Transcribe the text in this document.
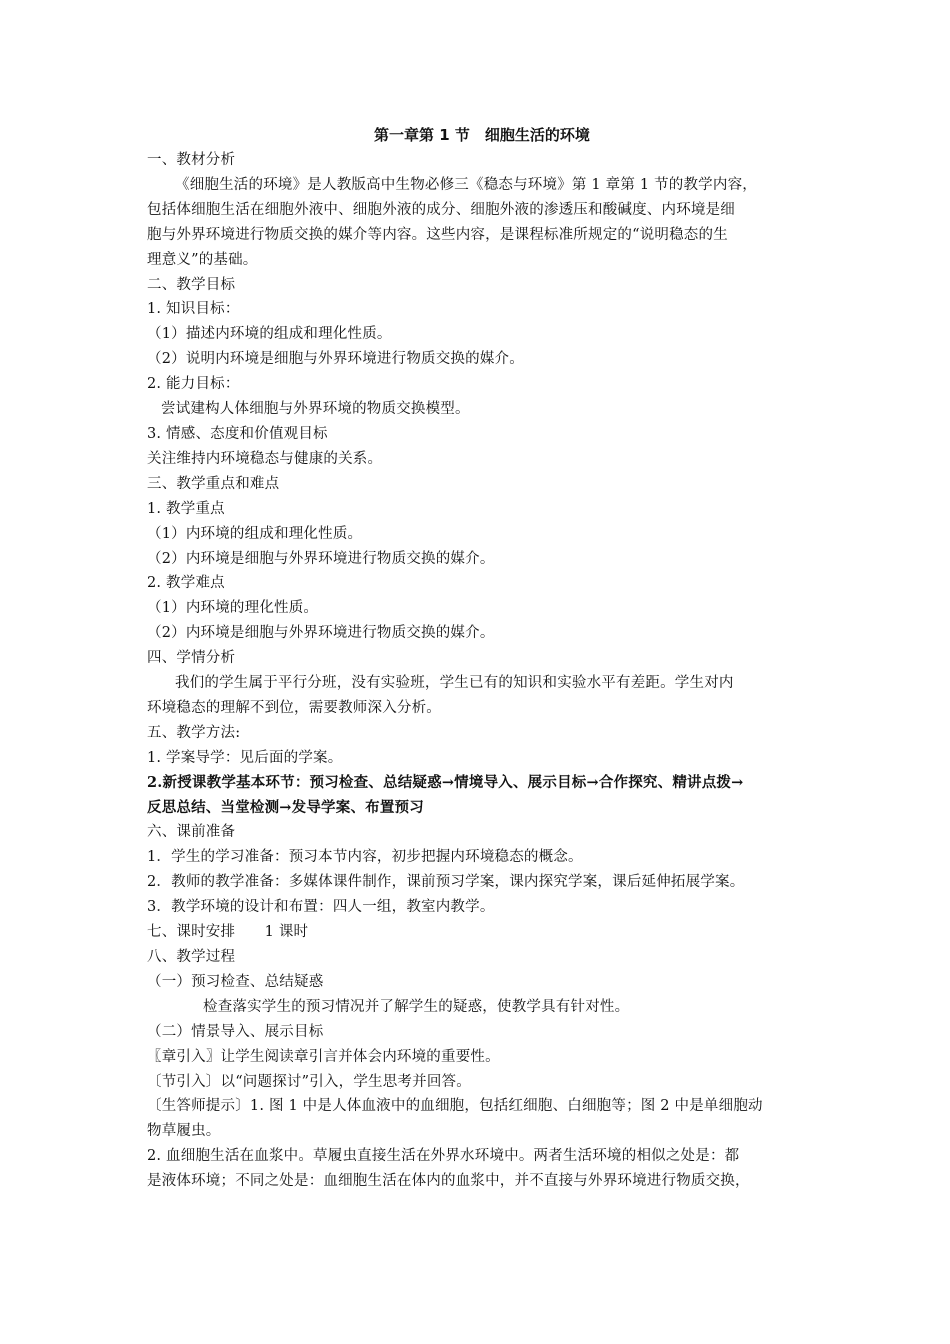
第一章第 1 节　细胞生活的环境
一、教材分析
《细胞生活的环境》是人教版高中生物必修三《稳态与环境》第 1 章第 1 节的教学内容，
包括体细胞生活在细胞外液中、细胞外液的成分、细胞外液的渗透压和酸碱度、内环境是细
胞与外界环境进行物质交换的媒介等内容。这些内容，是课程标准所规定的“说明稳态的生
理意义”的基础。
二、教学目标
1. 知识目标：
（1）描述内环境的组成和理化性质。
（2）说明内环境是细胞与外界环境进行物质交换的媒介。
2. 能力目标：
尝试建构人体细胞与外界环境的物质交换模型。
3. 情感、态度和价值观目标
关注维持内环境稳态与健康的关系。
三、教学重点和难点
1. 教学重点
（1）内环境的组成和理化性质。
（2）内环境是细胞与外界环境进行物质交换的媒介。
2. 教学难点
（1）内环境的理化性质。
（2）内环境是细胞与外界环境进行物质交换的媒介。
四、学情分析
我们的学生属于平行分班，没有实验班，学生已有的知识和实验水平有差距。学生对内
环境稳态的理解不到位，需要教师深入分析。
五、教学方法:
1. 学案导学：见后面的学案。
2.新授课教学基本环节：预习检查、总结疑惑→情境导入、展示目标→合作探究、精讲点拨→
反思总结、当堂检测→发导学案、布置预习
六、课前准备
1．学生的学习准备：预习本节内容，初步把握内环境稳态的概念。
2．教师的教学准备：多媒体课件制作，课前预习学案，课内探究学案，课后延伸拓展学案。
3．教学环境的设计和布置：四人一组，教室内教学。
七、课时安排　　1 课时
八、教学过程
（一）预习检查、总结疑惑
检查落实学生的预习情况并了解学生的疑惑，使教学具有针对性。
（二）情景导入、展示目标
〖章引入〗让学生阅读章引言并体会内环境的重要性。
〔节引入〕以“问题探讨”引入，学生思考并回答。
〔生答师提示〕1. 图 1 中是人体血液中的血细胞，包括红细胞、白细胞等；图 2 中是单细胞动
物草履虫。
2. 血细胞生活在血浆中。草履虫直接生活在外界水环境中。两者生活环境的相似之处是：都
是液体环境；不同之处是：血细胞生活在体内的血浆中，并不直接与外界环境进行物质交换，
